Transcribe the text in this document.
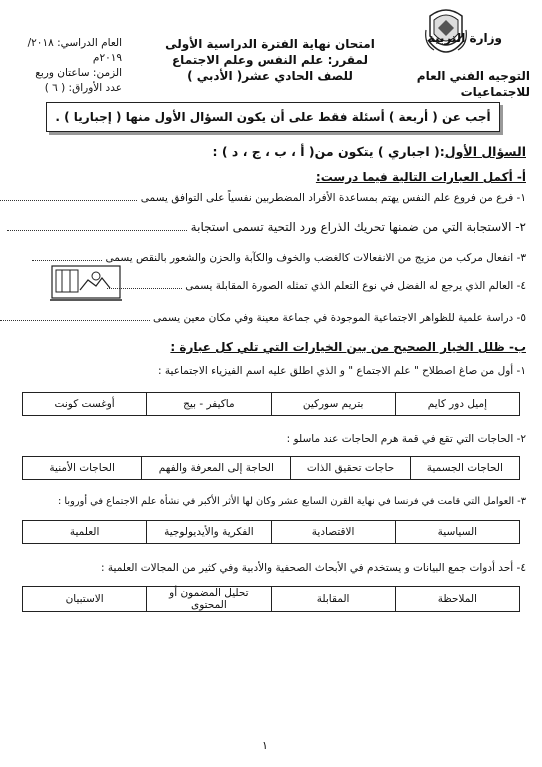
العام الدراسي: ٢٠١٨/ ٢٠١٩م
الزمن: ساعتان وربع
عدد الأوراق: ( ٦ )
امتحان نهاية الفترة الدراسية الأولى
لمقرر: علم النفس وعلم الاجتماع
للصف الحادي عشر( الأدبي )
وزارة التربية
التوجيه الفني العام للاجتماعيات
أجب عن ( أربعة ) أسئلة فقط على أن يكون السؤال الأول منها ( إجباريا ) .
السؤال الأول:( اجباري ) يتكون من( أ ، ب ، ج ، د ) :
أ- أكمل العبارات التالية فيما درست:
١- فرع من فروع علم النفس يهتم بمساعدة الأفراد المضطربين نفسياً على التوافق يسمى
٢- الاستجابة التي من ضمنها تحريك الذراع ورد التحية تسمى استجابة
٣- انفعال مركب من مزيج من الانفعالات كالغضب والخوف والكآبة والحزن والشعور بالنقص يسمى
٤- العالم الذي يرجع له الفضل في نوع التعلم الذي تمثله الصورة المقابلة يسمى
٥- دراسة علمية للظواهر الاجتماعية الموجودة في جماعة معينة وفي مكان معين يسمى
ب- ظلل الخيار الصحيح من بين الخيارات التي تلي كل عبارة :
١- أول من صاغ اصطلاح " علم الاجتماع " و الذي اطلق عليه اسم الفيزياء الاجتماعية :
إميل دور كايم	بتريم سوركين	ماكيفر - بيج	أوغست كونت
٢- الحاجات التي تقع في قمة هرم الحاجات عند ماسلو :
الحاجات الجسمية	حاجات تحقيق الذات	الحاجة إلى المعرفة والفهم	الحاجات الأمنية
٣- العوامل التي قامت في فرنسا في نهاية القرن السابع عشر وكان لها الأثر الأكبر في نشأة علم الاجتماع في أوروبا :
السياسية	الاقتصادية	الفكرية والأيديولوجية	العلمية
٤- أحد أدوات جمع البيانات و يستخدم في الأبحاث الصحفية والأدبية وفي كثير من المجالات العلمية :
الملاحظة	المقابلة	تحليل المضمون أو المحتوى	الاستبيان
١
